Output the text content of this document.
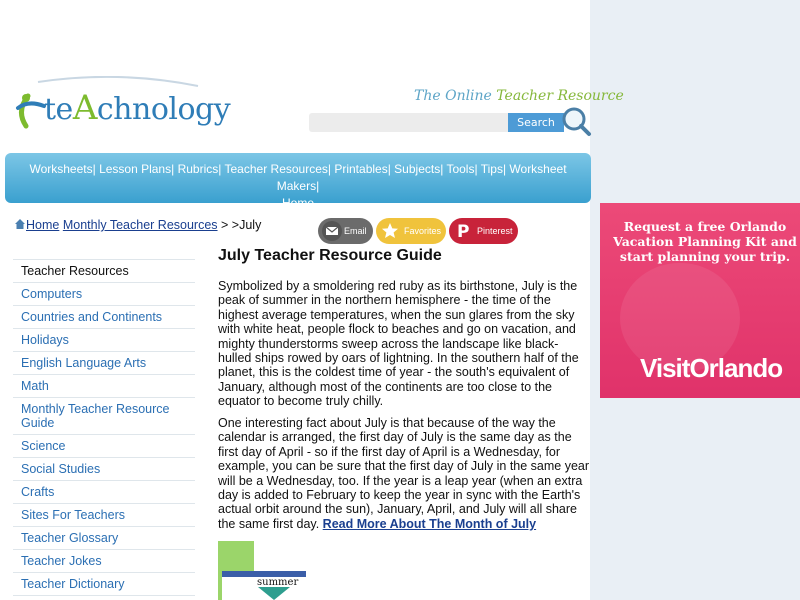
teAchnology	The Online Teacher Resource
Search
Worksheets| Lesson Plans| Rubrics| Teacher Resources| Printables| Subjects| Tools| Tips| Worksheet Makers|
Home
Home Monthly Teacher Resources > >July	Email	Favorites P Pinterest
Teacher Resources
Computers
Countries and Continents
Holidays
English Language Arts
Math
Monthly Teacher Resource Guide
Science
Social Studies
Crafts
Sites For Teachers
Teacher Glossary
Teacher Jokes
Teacher Dictionary
July Teacher Resource Guide
Symbolized by a smoldering red ruby as its birthstone, July is the peak of summer in the northern hemisphere - the time of the highest average temperatures, when the sun glares from the sky with white heat, people flock to beaches and go on vacation, and mighty thunderstorms sweep across the landscape like black-hulled ships rowed by oars of lightning. In the southern half of the planet, this is the coldest time of year - the south's equivalent of January, although most of the continents are too close to the equator to become truly chilly.
One interesting fact about July is that because of the way the calendar is arranged, the first day of July is the same day as the first day of April - so if the first day of April is a Wednesday, for example, you can be sure that the first day of July in the same year will be a Wednesday, too. If the year is a leap year (when an extra day is added to February to keep the year in sync with the Earth's actual orbit around the sun), January, April, and July will all share the same first day. Read More About The Month of July
summer
Request a free Orlando Vacation Planning Kit and start planning your trip.
VisitOrlando
